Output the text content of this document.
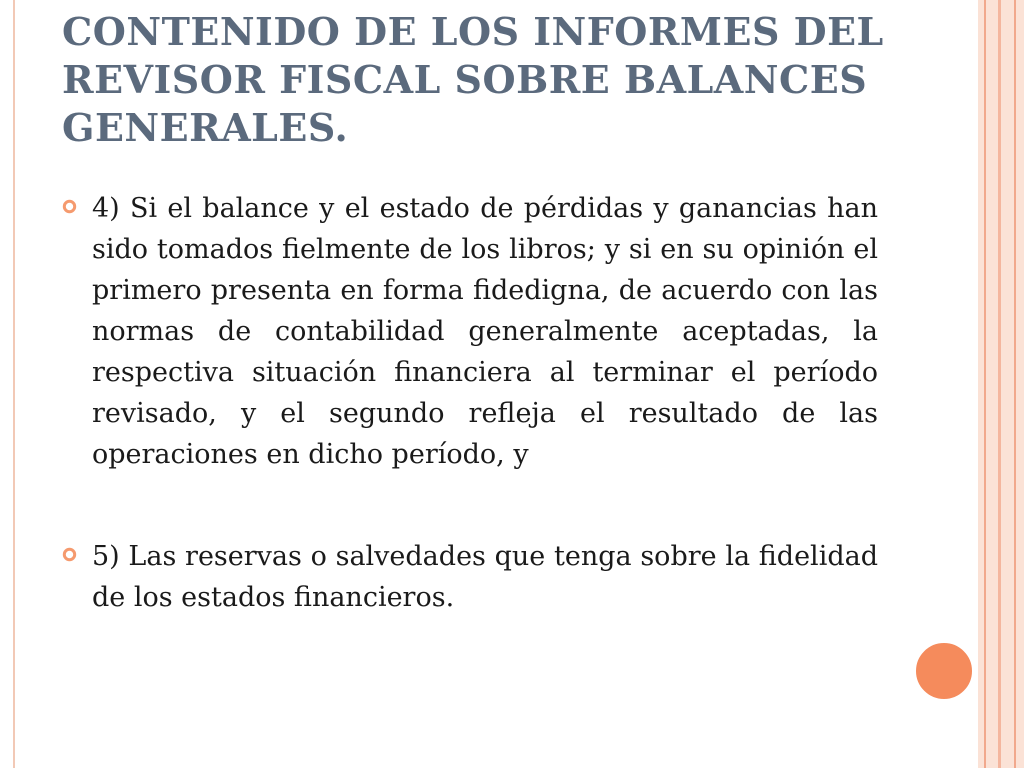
CONTENIDO DE LOS INFORMES DEL REVISOR FISCAL SOBRE BALANCES GENERALES.

4) Si el balance y el estado de pérdidas y ganancias han sido tomados fielmente de los libros; y si en su opinión el primero presenta en forma fidedigna, de acuerdo con las normas de contabilidad generalmente aceptadas, la respectiva situación financiera al terminar el período revisado, y el segundo refleja el resultado de las operaciones en dicho período, y

5) Las reservas o salvedades que tenga sobre la fidelidad de los estados financieros.
